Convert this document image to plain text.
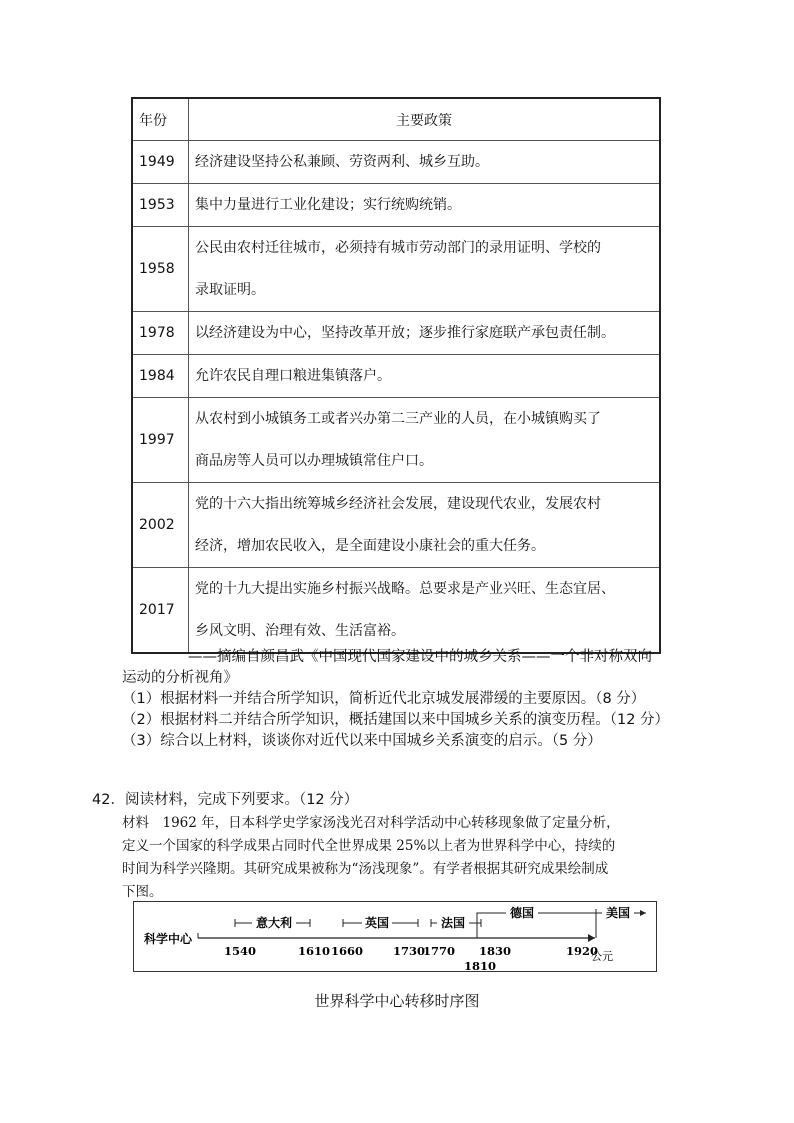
年份	主要政策
1949	经济建设坚持公私兼顾、劳资两利、城乡互助。
1953	集中力量进行工业化建设；实行统购统销。
1958	公民由农村迁往城市，必须持有城市劳动部门的录用证明、学校的
录取证明。
1978	以经济建设为中心，坚持改革开放；逐步推行家庭联产承包责任制。
1984	允许农民自理口粮进集镇落户。
1997	从农村到小城镇务工或者兴办第二三产业的人员，在小城镇购买了
商品房等人员可以办理城镇常住户口。
2002	党的十六大指出统筹城乡经济社会发展，建设现代农业，发展农村
经济，增加农民收入，是全面建设小康社会的重大任务。
2017	党的十九大提出实施乡村振兴战略。总要求是产业兴旺、生态宜居、
乡风文明、治理有效、生活富裕。
——摘编自颜昌武《中国现代国家建设中的城乡关系——一个非对称双向
运动的分析视角》
（1）根据材料一并结合所学知识，简析近代北京城发展滞缓的主要原因。（8 分）
（2）根据材料二并结合所学知识，概括建国以来中国城乡关系的演变历程。（12 分）
（3）综合以上材料，谈谈你对近代以来中国城乡关系演变的启示。（5 分）
42．阅读材料，完成下列要求。（12 分）
材料　1962 年，日本科学史学家汤浅光召对科学活动中心转移现象做了定量分析，
定义一个国家的科学成果占同时代全世界成果 25%以上者为世界科学中心，持续的
时间为科学兴隆期。其研究成果被称为“汤浅现象”。有学者根据其研究成果绘制成
下图。
科学中心
意大利	英国	法国
德国	美国
1540	1610 1660	1730
1770 1830
1810
1920
公元
世界科学中心转移时序图
